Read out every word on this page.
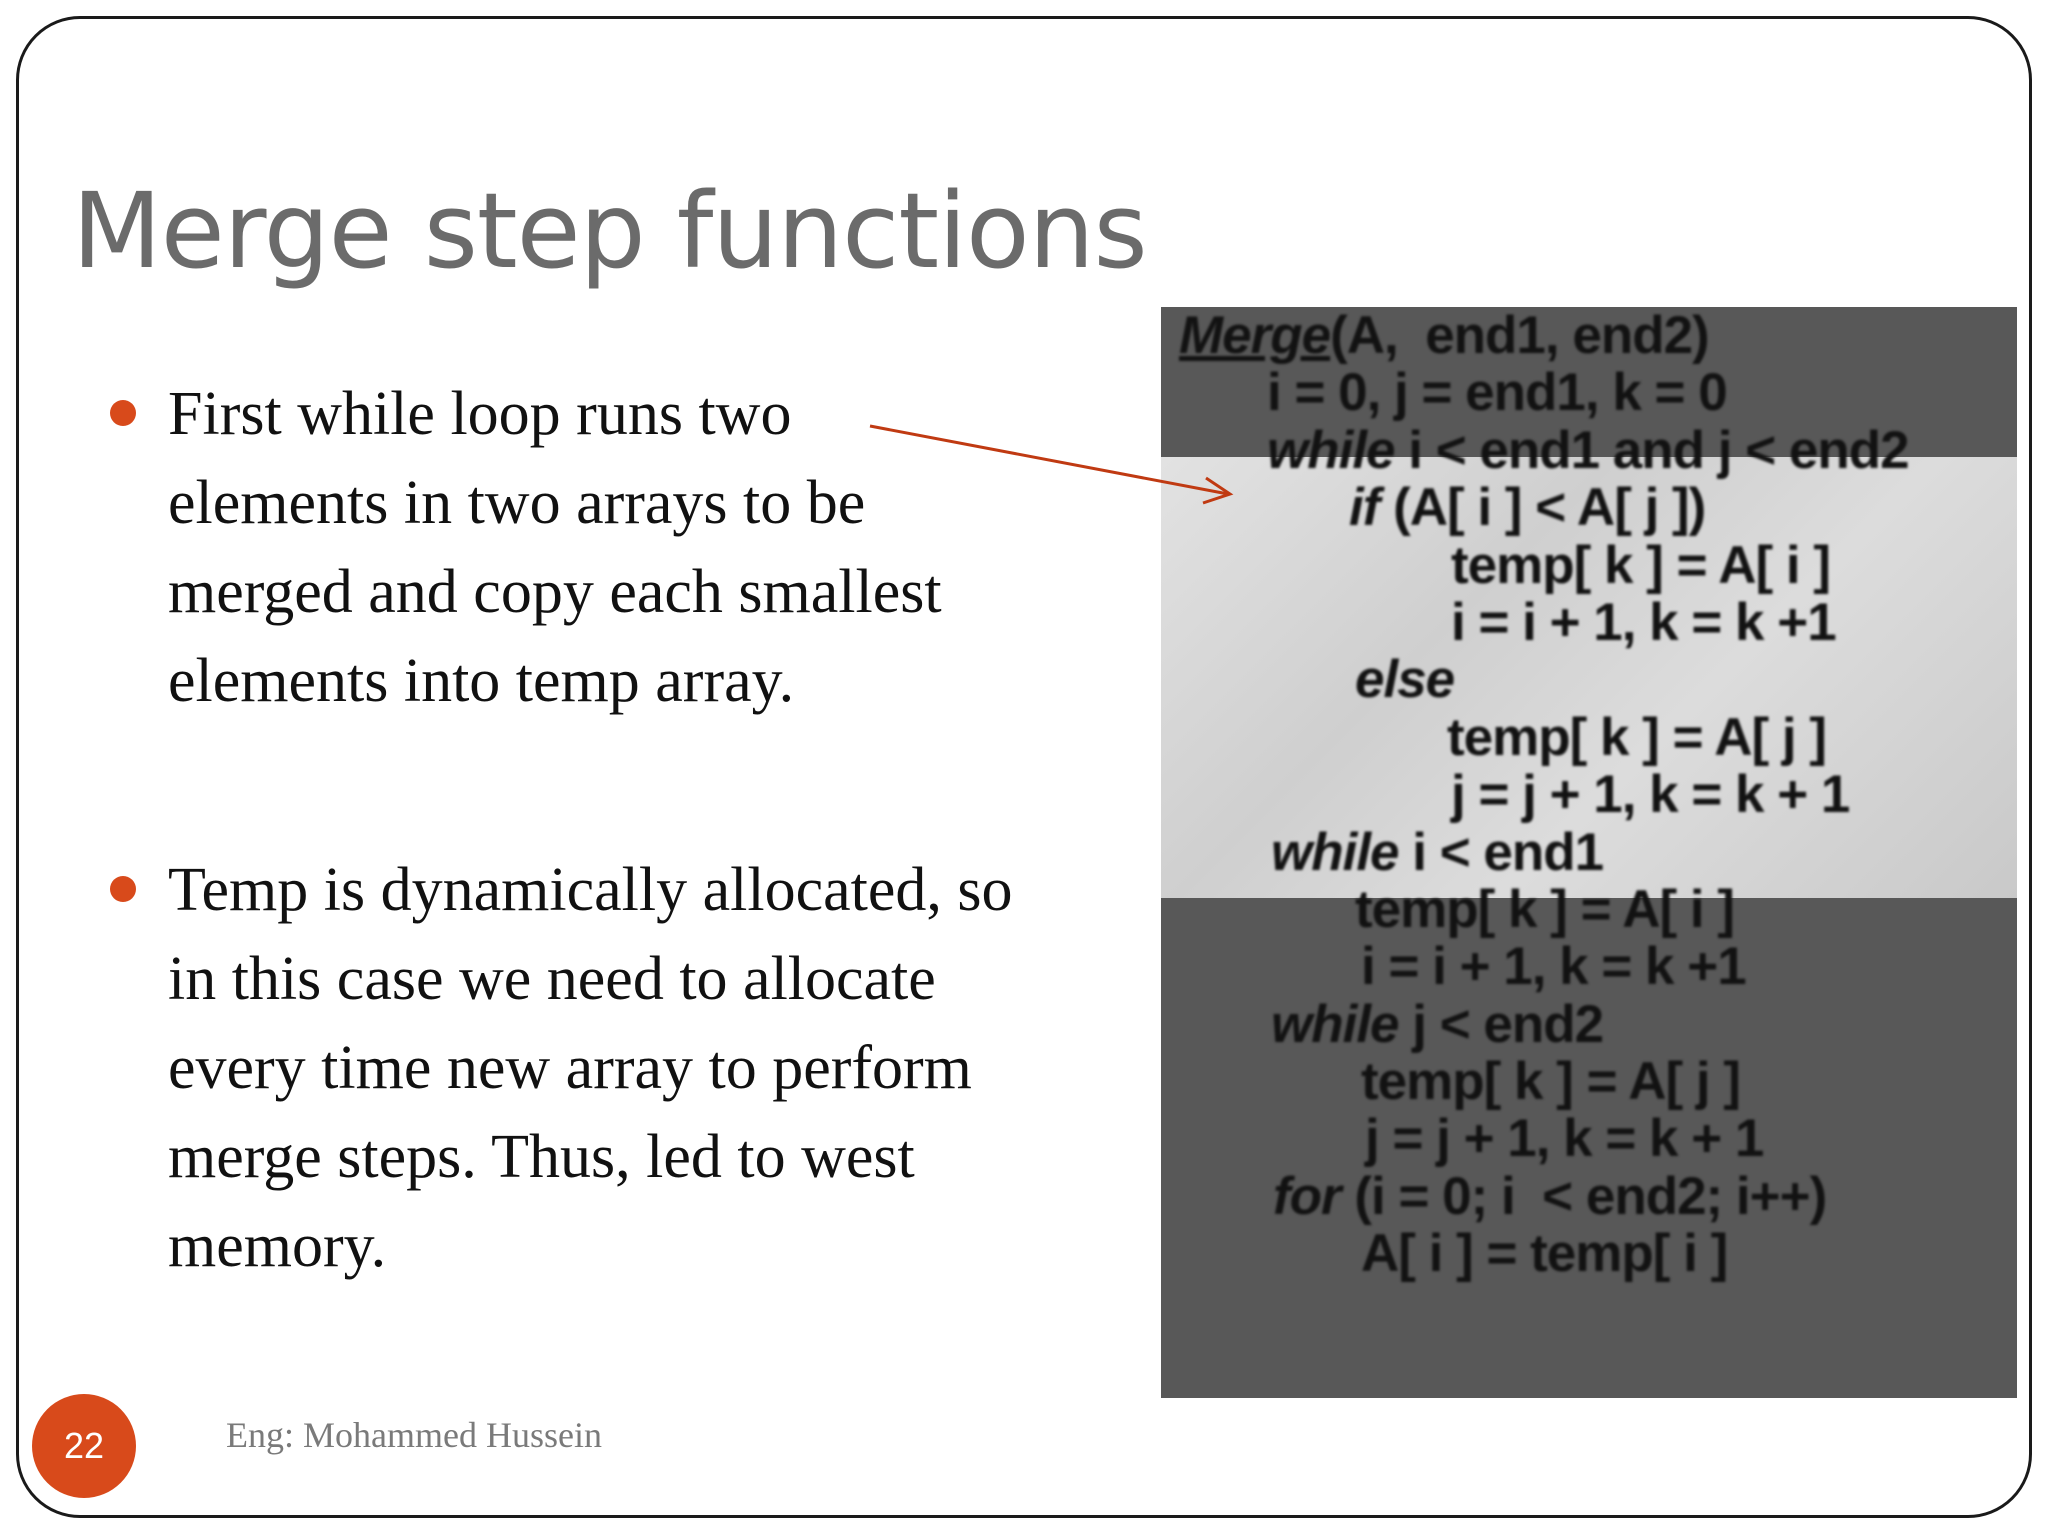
Merge step functions
First while loop runs two
elements in two arrays to be
merged and copy each smallest
elements into temp array.
Temp is dynamically allocated, so
in this case we need to allocate
every time new array to perform
merge steps. Thus, led to west
memory.
Merge(A,  end1, end2)
i = 0, j = end1, k = 0
while i < end1 and j < end2
if (A[ i ] < A[ j ])
temp[ k ] = A[ i ]
i = i + 1, k = k +1
else
temp[ k ] = A[ j ]
j = j + 1, k = k + 1
while i < end1
temp[ k ] = A[ i ]
i = i + 1, k = k +1
while j < end2
temp[ k ] = A[ j ]
j = j + 1, k = k + 1
for (i = 0; i  < end2; i++)
A[ i ] = temp[ i ]
22	Eng: Mohammed Hussein
